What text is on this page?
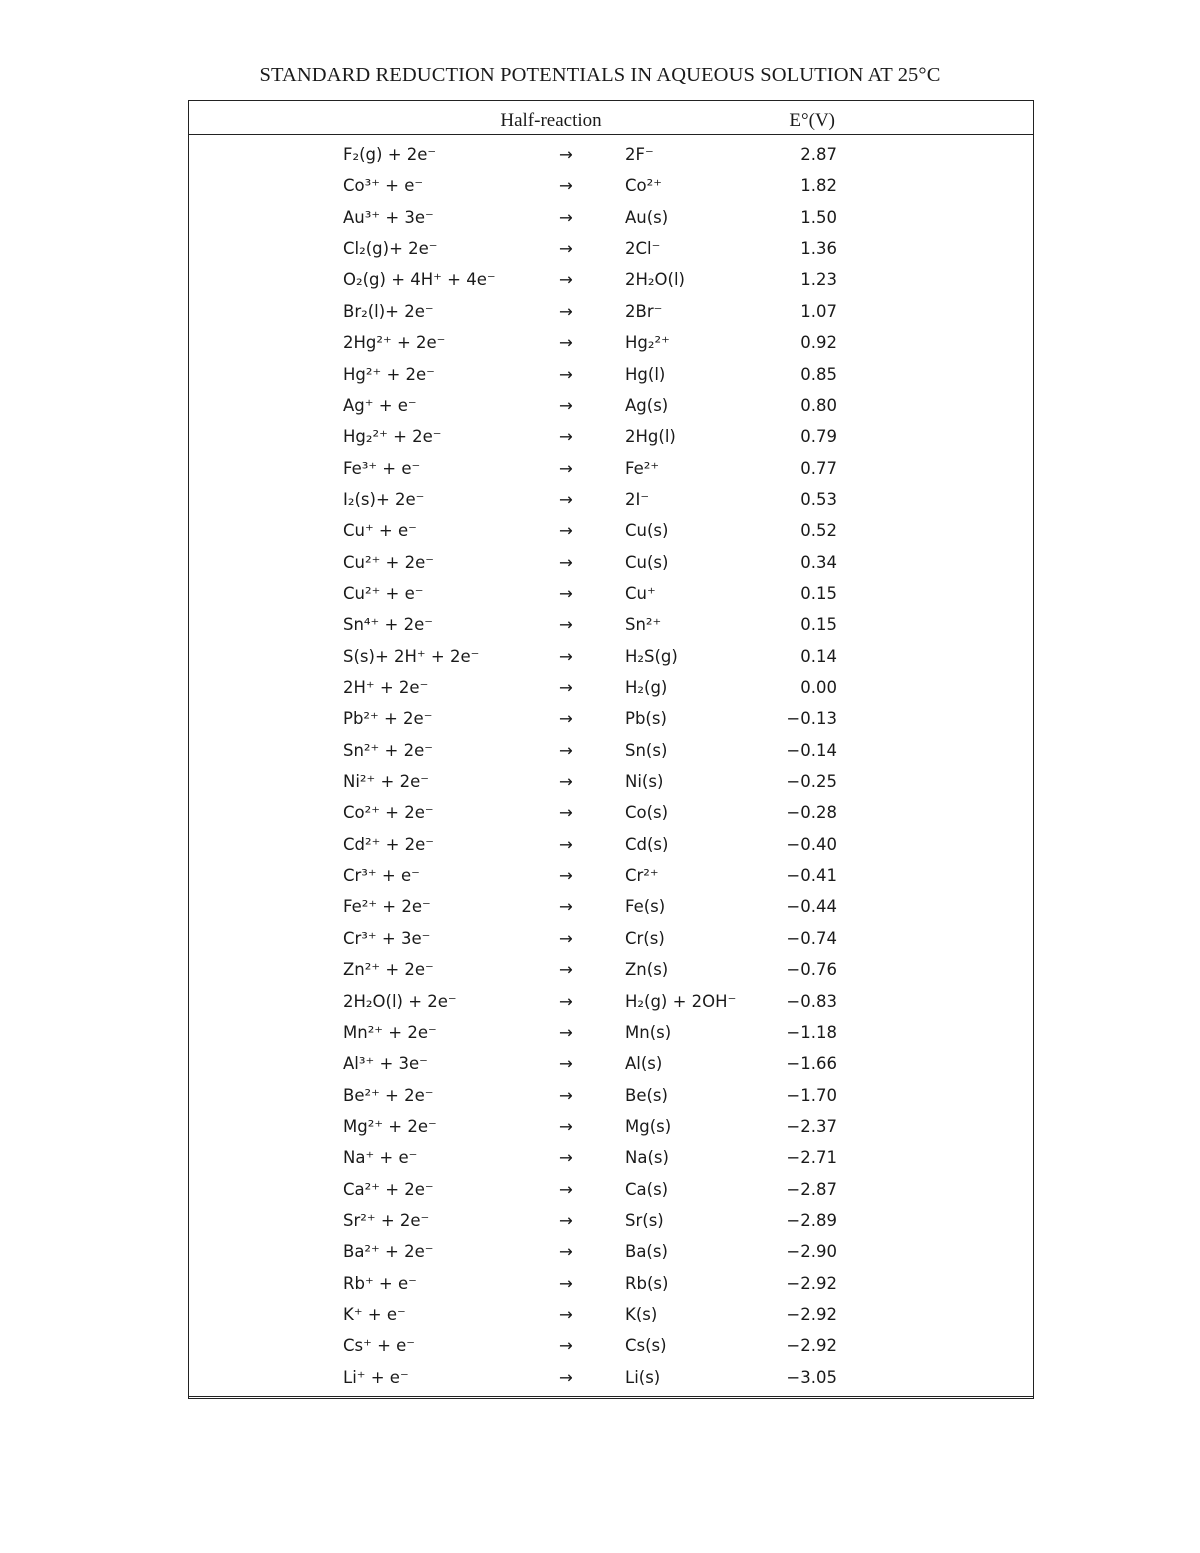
STANDARD REDUCTION POTENTIALS IN AQUEOUS SOLUTION AT 25°C
Half-reaction	E°(V)
F₂(g) + 2e⁻	→	2F⁻	2.87
Co³⁺ + e⁻	→	Co²⁺	1.82
Au³⁺ + 3e⁻	→	Au(s)	1.50
Cl₂(g)+ 2e⁻	→	2Cl⁻	1.36
O₂(g) + 4H⁺ + 4e⁻	→	2H₂O(l)	1.23
Br₂(l)+ 2e⁻	→	2Br⁻	1.07
2Hg²⁺ + 2e⁻	→	Hg₂²⁺	0.92
Hg²⁺ + 2e⁻	→	Hg(l)	0.85
Ag⁺ + e⁻	→	Ag(s)	0.80
Hg₂²⁺ + 2e⁻	→	2Hg(l)	0.79
Fe³⁺ + e⁻	→	Fe²⁺	0.77
I₂(s)+ 2e⁻	→	2I⁻	0.53
Cu⁺ + e⁻	→	Cu(s)	0.52
Cu²⁺ + 2e⁻	→	Cu(s)	0.34
Cu²⁺ + e⁻	→	Cu⁺	0.15
Sn⁴⁺ + 2e⁻	→	Sn²⁺	0.15
S(s)+ 2H⁺ + 2e⁻	→	H₂S(g)	0.14
2H⁺ + 2e⁻	→	H₂(g)	0.00
Pb²⁺ + 2e⁻	→	Pb(s)	−0.13
Sn²⁺ + 2e⁻	→	Sn(s)	−0.14
Ni²⁺ + 2e⁻	→	Ni(s)	−0.25
Co²⁺ + 2e⁻	→	Co(s)	−0.28
Cd²⁺ + 2e⁻	→	Cd(s)	−0.40
Cr³⁺ + e⁻	→	Cr²⁺	−0.41
Fe²⁺ + 2e⁻	→	Fe(s)	−0.44
Cr³⁺ + 3e⁻	→	Cr(s)	−0.74
Zn²⁺ + 2e⁻	→	Zn(s)	−0.76
2H₂O(l) + 2e⁻	→	H₂(g) + 2OH⁻	−0.83
Mn²⁺ + 2e⁻	→	Mn(s)	−1.18
Al³⁺ + 3e⁻	→	Al(s)	−1.66
Be²⁺ + 2e⁻	→	Be(s)	−1.70
Mg²⁺ + 2e⁻	→	Mg(s)	−2.37
Na⁺ + e⁻	→	Na(s)	−2.71
Ca²⁺ + 2e⁻	→	Ca(s)	−2.87
Sr²⁺ + 2e⁻	→	Sr(s)	−2.89
Ba²⁺ + 2e⁻	→	Ba(s)	−2.90
Rb⁺ + e⁻	→	Rb(s)	−2.92
K⁺ + e⁻	→	K(s)	−2.92
Cs⁺ + e⁻	→	Cs(s)	−2.92
Li⁺ + e⁻	→	Li(s)	−3.05
